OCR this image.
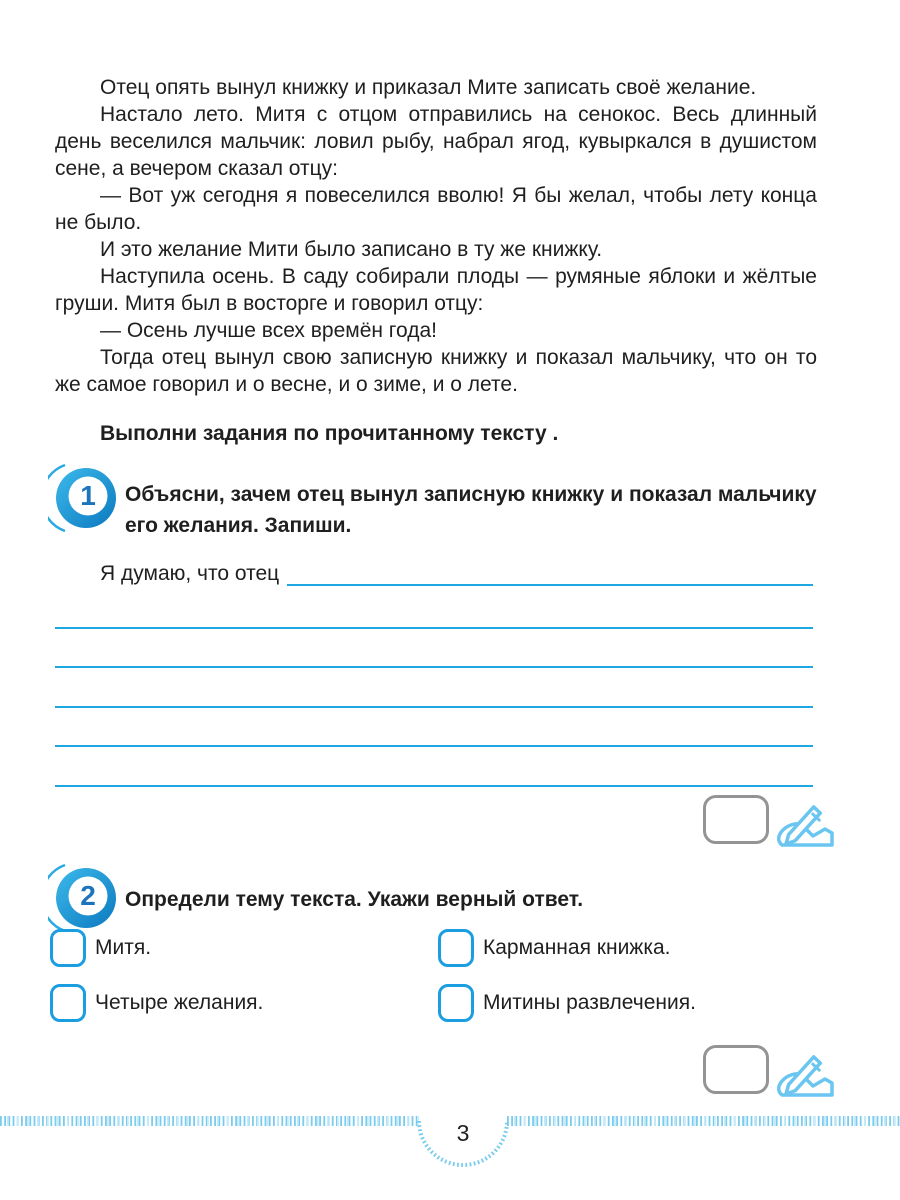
Отец опять вынул книжку и приказал Мите записать своё желание.

Настало лето. Митя с отцом отправились на сенокос. Весь длинный день веселился мальчик: ловил рыбу, набрал ягод, кувыркался в душистом сене, а вечером сказал отцу:

— Вот уж сегодня я повеселился вволю! Я бы желал, чтобы лету конца не было.

И это желание Мити было записано в ту же книжку.

Наступила осень. В саду собирали плоды — румяные яблоки и жёлтые груши. Митя был в восторге и говорил отцу:

— Осень лучше всех времён года!

Тогда отец вынул свою записную книжку и показал мальчику, что он то же самое говорил и о весне, и о зиме, и о лете.

Выполни задания по прочитанному тексту .

1 Объясни, зачем отец вынул записную книжку и показал мальчику его желания. Запиши.

Я думаю, что отец
2 Определи тему текста. Укажи верный ответ.

Митя.	Карманная книжка.
Четыре желания.	Митины развлечения.
3
